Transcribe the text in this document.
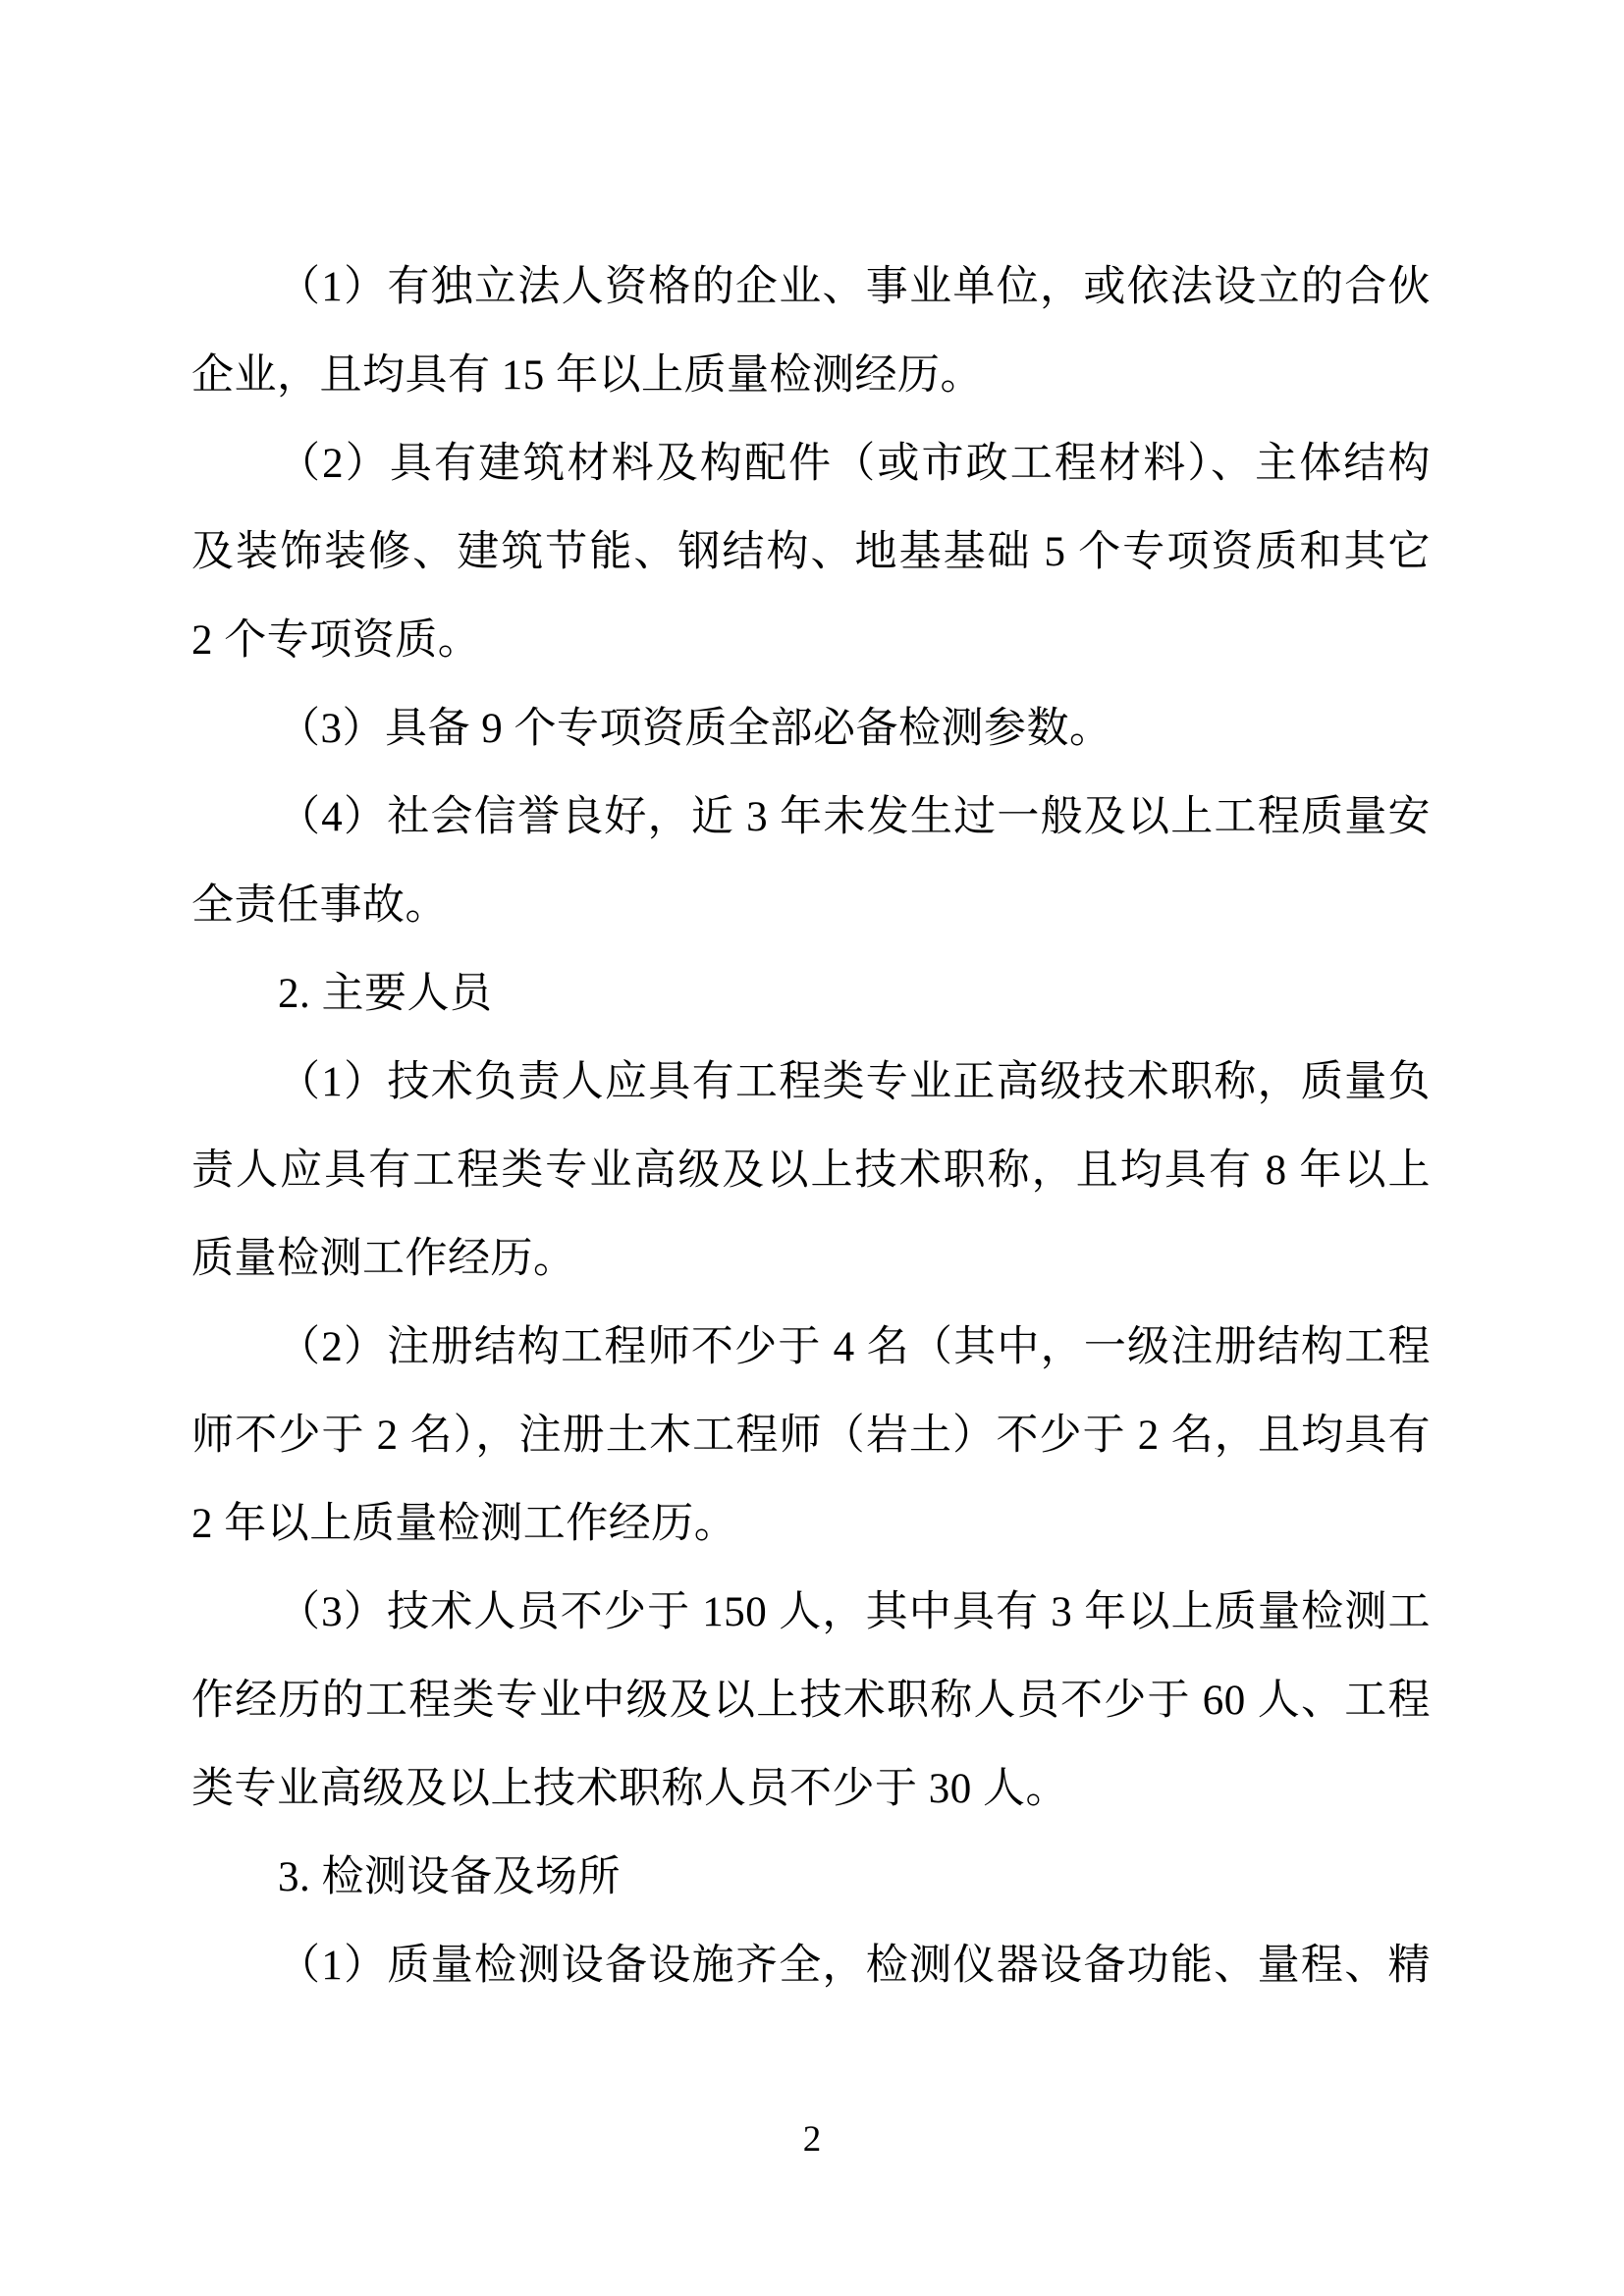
（1）有独立法人资格的企业、事业单位，或依法设立的合伙

企业，且均具有 15 年以上质量检测经历。

（2）具有建筑材料及构配件（或市政工程材料）、主体结构

及装饰装修、建筑节能、钢结构、地基基础 5 个专项资质和其它

2 个专项资质。

（3）具备 9 个专项资质全部必备检测参数。

（4）社会信誉良好，近 3 年未发生过一般及以上工程质量安

全责任事故。

2. 主要人员

（1）技术负责人应具有工程类专业正高级技术职称，质量负

责人应具有工程类专业高级及以上技术职称，且均具有 8 年以上

质量检测工作经历。

（2）注册结构工程师不少于 4 名（其中，一级注册结构工程

师不少于 2 名），注册土木工程师（岩土）不少于 2 名，且均具有

2 年以上质量检测工作经历。

（3）技术人员不少于 150 人，其中具有 3 年以上质量检测工

作经历的工程类专业中级及以上技术职称人员不少于 60 人、工程

类专业高级及以上技术职称人员不少于 30 人。

3. 检测设备及场所

（1）质量检测设备设施齐全，检测仪器设备功能、量程、精

2
